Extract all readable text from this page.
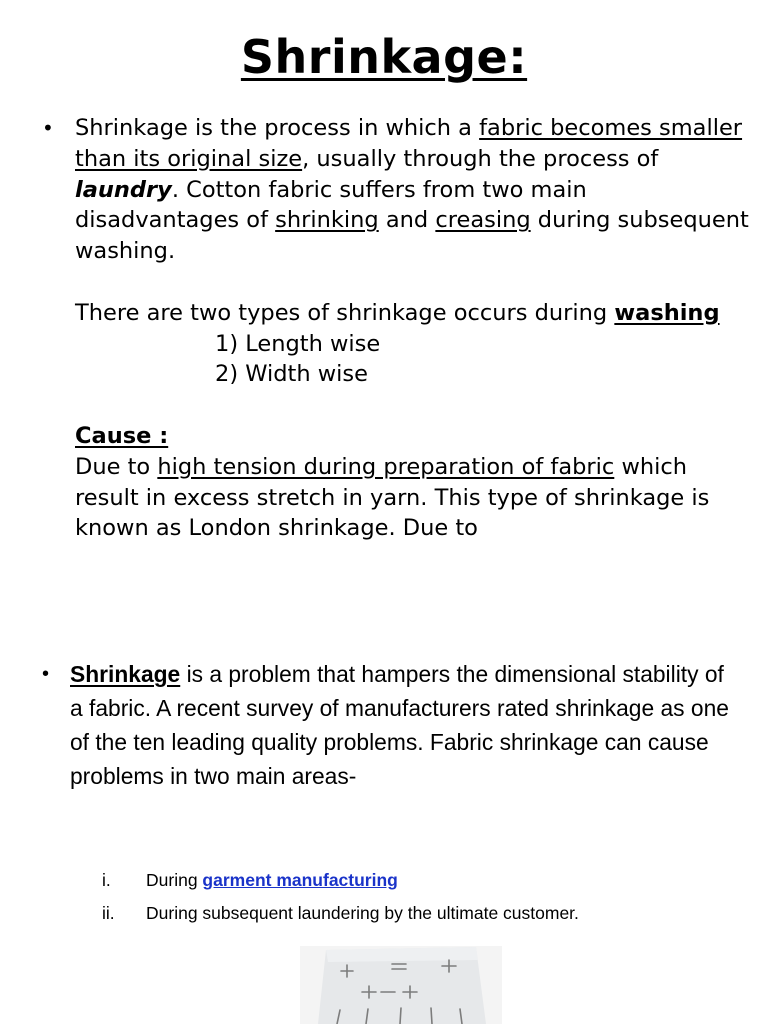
Shrinkage:
• Shrinkage is the process in which a fabric becomes smaller than its original size, usually through the process of laundry. Cotton fabric suffers from two main disadvantages of shrinking and creasing during subsequent washing.
There are two types of shrinkage occurs during washing
1) Length wise
2) Width wise
Cause :
Due to high tension during preparation of fabric which result in excess stretch in yarn. This type of shrinkage is known as London shrinkage. Due to
• Shrinkage is a problem that hampers the dimensional stability of a fabric. A recent survey of manufacturers rated shrinkage as one of the ten leading quality problems. Fabric shrinkage can cause problems in two main areas-
i. During garment manufacturing
ii. During subsequent laundering by the ultimate customer.
